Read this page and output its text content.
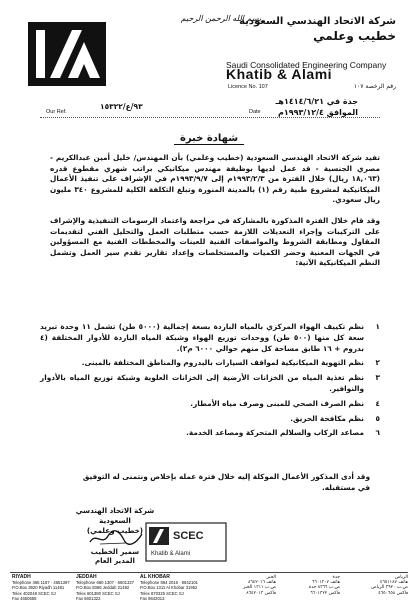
بسم الله الرحمن الرحيم
شركة الاتحاد الهندسي السعودية
خطيب وعلمي
Saudi Consolidated Engineering Company
Khatib & Alami
Licence No. 107	رقم الرخصة ١٠٧
جدة في ١٤١٤/٦/٢١هـ
الموافق ١٩٩٣/١٢/٤م
Date
Our Ref.
٩٣/ع/١٥٣٢٢
شهادة خبرة
تفيد شركة الاتحاد الهندسي السعودية (خطيب وعلمي) بأن المهندس/ خليل أمين عبدالكريم - مصري الجنسية - قد عمل لديها بوظيفة مهندس ميكانيكي براتب شهري مقطوع قدره (١٨,٠٦٣ ريال) خلال الفترة من ١٩٩٣/٢/٣م إلى ١٩٩٣/٩/٧م في الإشراف على تنفيذ الأعمال الميكانيكية لمشروع طبية رقم (١) بالمدينة المنورة وتبلغ التكلفة الكلية للمشروع ٣٤٠ مليون ريال سعودي.
وقد قام خلال الفترة المذكورة بالمشاركة في مراجعة واعتماد الرسومات التنفيذية والإشراف على التركيبات وإجراء التعديلات اللازمة حسب متطلبات العمل والتحليل الفني لتقديمات المقاول ومطابقة الشروط والمواصفات الفنية للعينات والمخططات الفنية مع المسؤولين في الجهات المعنية وحضر الكميات والمستخلصات وإعداد تقارير تقدم سير العمل وتشمل النظم الميكانيكية الآتية:
١
نظم تكييف الهواء المركزي بالمياه الباردة بسعة إجمالية (٥٠٠٠ طن) تشمل ١١ وحدة تبريد سعة كل منها (٥٠٠ طن) ووحدات توزيع الهواء وشبكة المياه الباردة للأدوار المختلفة (٤ بدروم + ١٦ طابق مساحة كل منهم حوالي ٦٠٠٠ م٢).
٢
نظم التهوية الميكانيكية لمواقف السيارات بالبدروم والمناطق المختلفة بالمبنى.
٣
نظم تغذية المياه من الخزانات الأرضية إلى الخزانات العلوية وشبكة توزيع المياه بالأدوار والنوافير.
٤
نظم الصرف الصحي للمبنى وصرف مياه الأمطار.
٥
نظم مكافحة الحريق.
٦
مصاعد الركاب والسلالم المتحركة ومصاعد الخدمة.
وقد أدى المذكور الأعمال الموكلة إليه خلال فترة عمله بإخلاص ونتمنى له التوفيق في مستقبله.
شركة الاتحاد الهندسي السعودية
(خطيب وعلمي)
سمير الخطيب
المدير العام
SCEC
Khatib & Alami
RIYADH
Telephone 465 1187 · 4651397
P.O.Box 3920 Riyadh 11481
Telex 402048 SCEC SJ
Fax 4650658
JEDDAH
Telephone 660 1307 · 6601327
P.O.Box 8366 Jeddah 21482
Telex 601380 SCEC SJ
Fax 6601322
AL KHOBAR
Telephone 864 2016 · 8642101
P.O.Box 1311 Al Khobar 31952
Telex 870325 SCEC SJ
Fax 8642013
الخبر
هاتف ٨٦٤٢٠١٦
ص.ب ١٣١١ الخبر
فاكس ٨٦٤٢٠١٣
جدة
هاتف ٦٦٠١٣٠٧
ص.ب ٨٣٦٦ جدة
فاكس ٦٦٠١٣٢٢
الرياض
هاتف ٤٦٥١١٨٧
ص.ب ٣٩٢٠ الرياض
فاكس ٤٦٥٠٦٥٨
